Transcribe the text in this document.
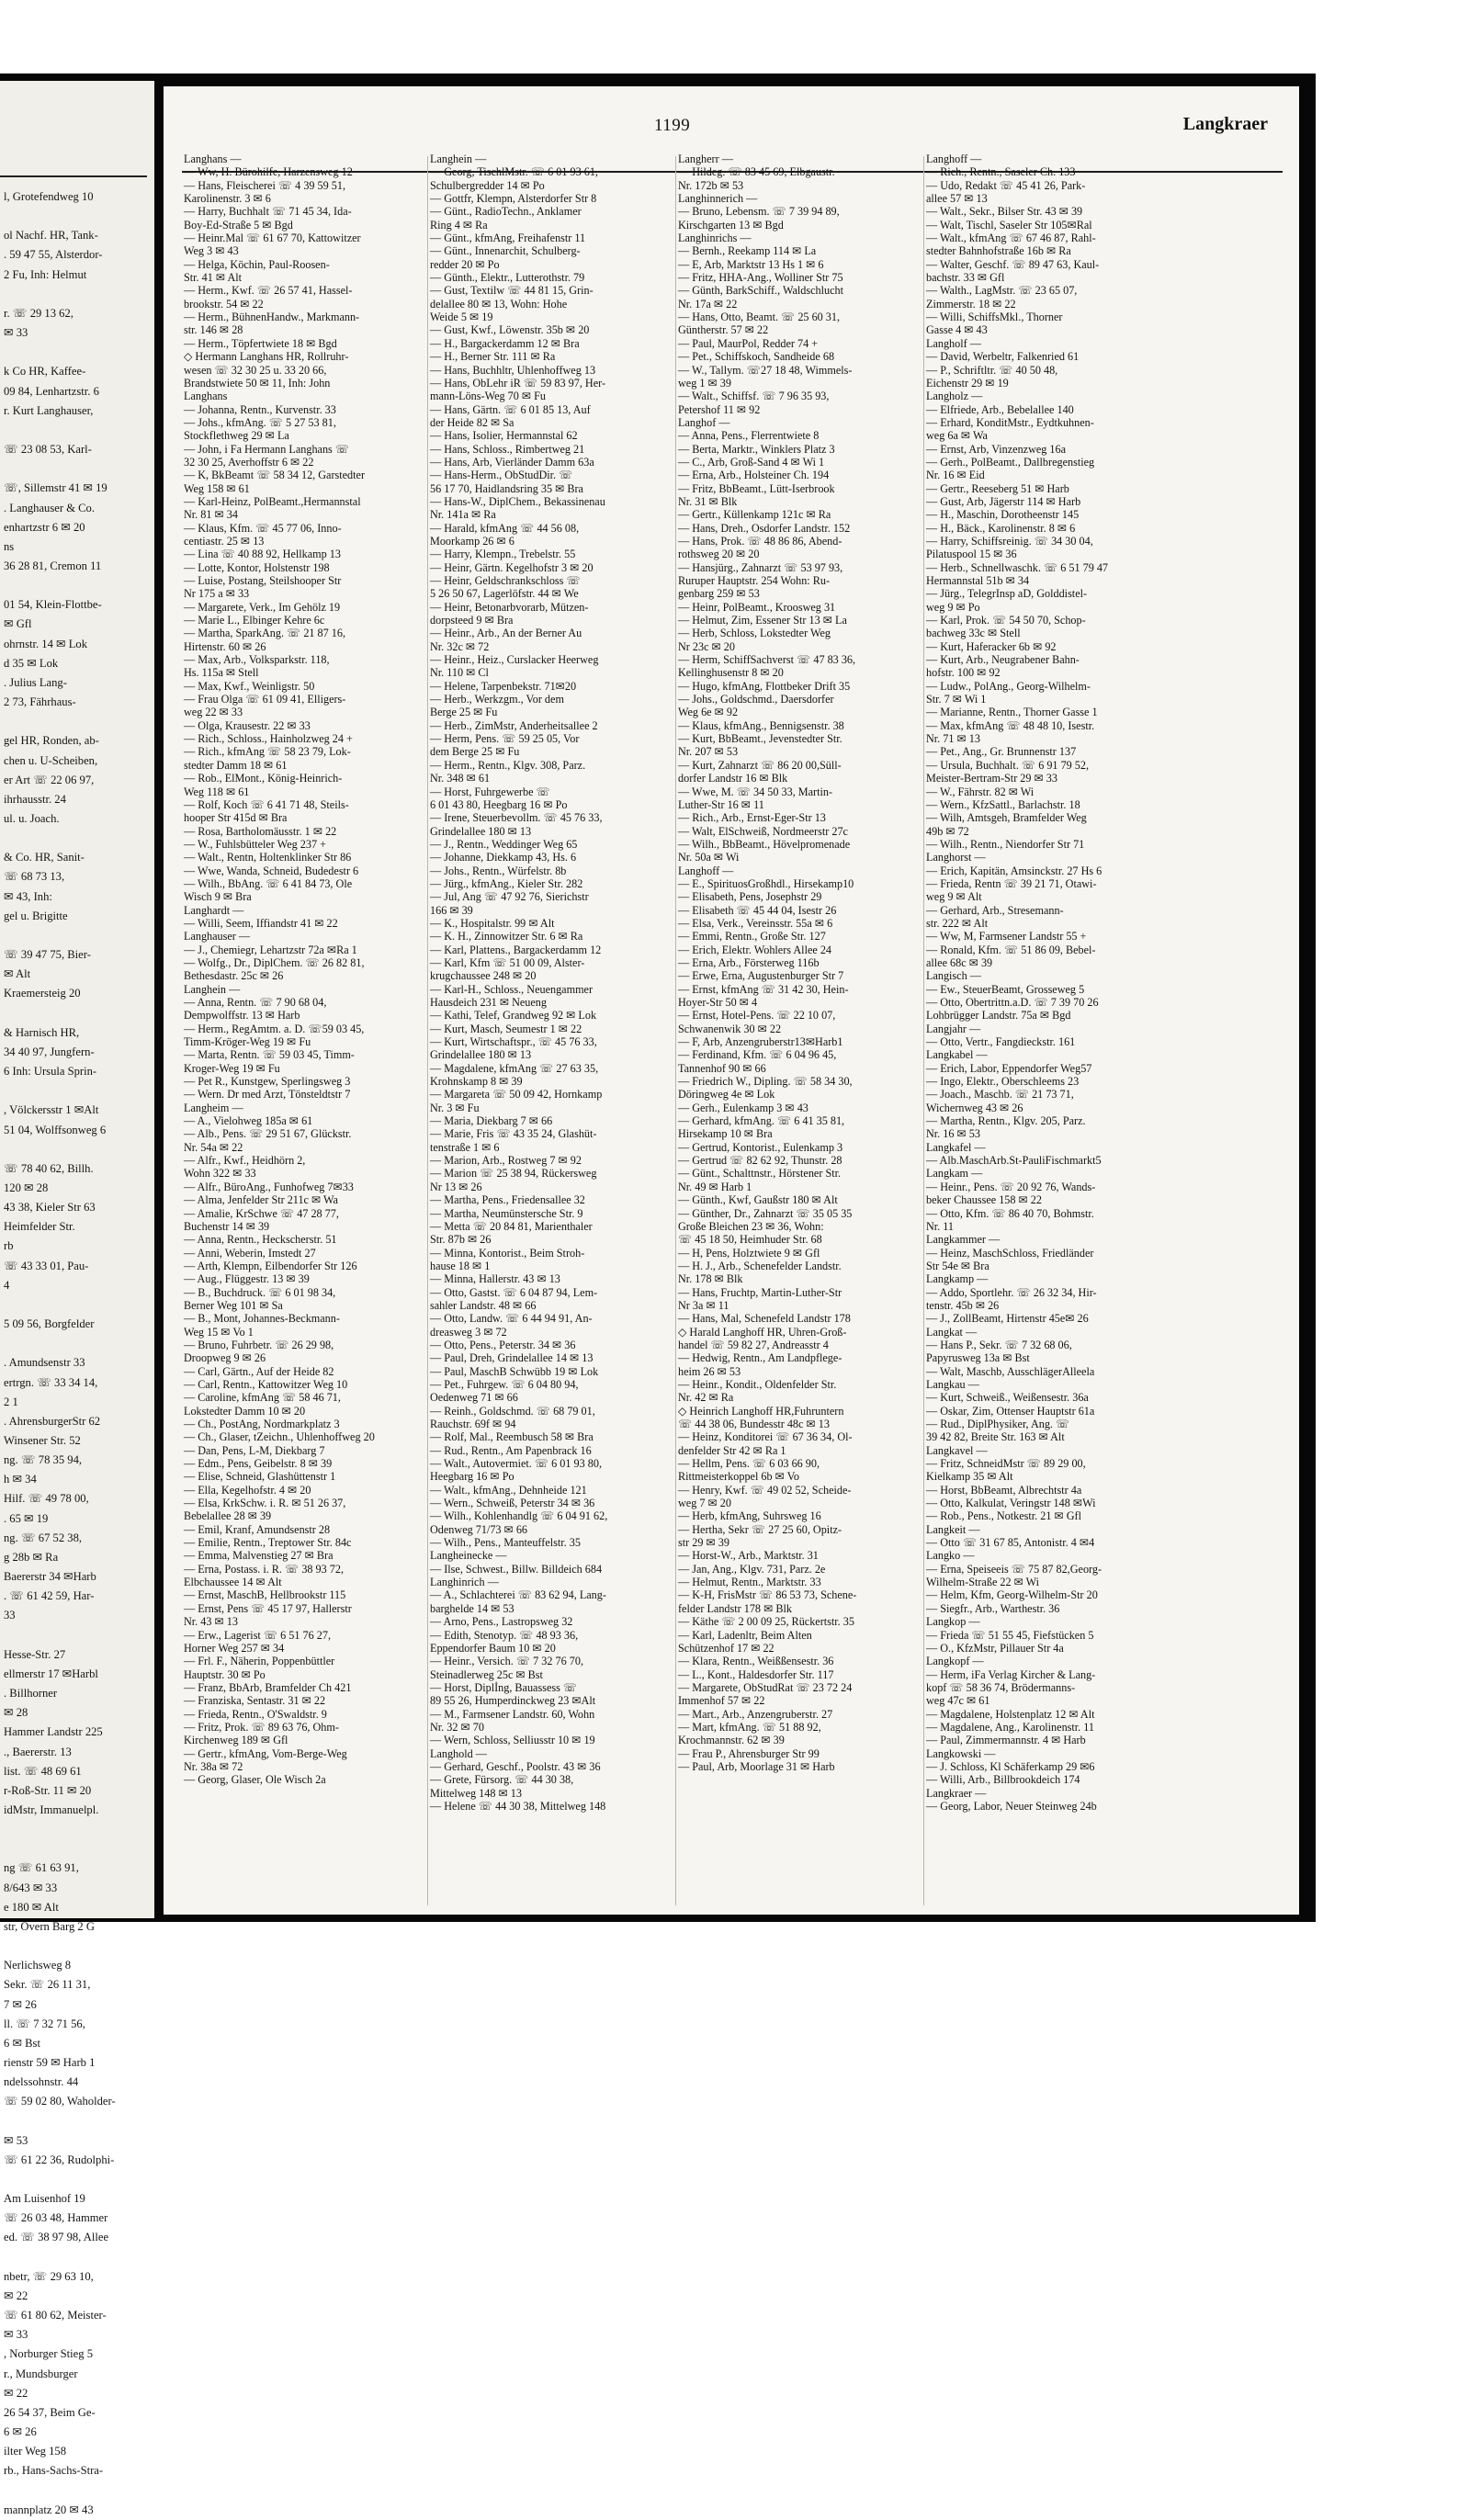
l, Grotefendweg 10

ol Nachf. HR, Tank-
. 59 47 55, Alsterdor-
2 Fu, Inh: Helmut

r. ☏ 29 13 62,
✉ 33

k Co HR, Kaffee-
09 84, Lenhartzstr. 6
r. Kurt Langhauser,

☏ 23 08 53, Karl-

☏, Sillemstr 41 ✉ 19
. Langhauser & Co.
enhartzstr 6 ✉ 20
ns
36 28 81, Cremon 11

01 54, Klein-Flottbe-
✉ Gfl
ohrnstr. 14 ✉ Lok
d 35 ✉ Lok
. Julius Lang-
2 73, Fährhaus-

gel HR, Ronden, ab-
chen u. U-Scheiben,
er Art ☏ 22 06 97,
ihrhausstr. 24
ul. u. Joach.

& Co. HR, Sanit-
☏ 68 73 13,
✉ 43, Inh:
gel u. Brigitte

☏ 39 47 75, Bier-
✉ Alt
Kraemersteig 20

& Harnisch HR,
34 40 97, Jungfern-
6 Inh: Ursula Sprin-

, Völckersstr 1 ✉Alt
51 04, Wolffsonweg 6

☏ 78 40 62, Billh.
120 ✉ 28
43 38, Kieler Str 63
Heimfelder Str.
rb
☏ 43 33 01, Pau-
4

5 09 56, Borgfelder

. Amundsenstr 33
ertrgn. ☏ 33 34 14,
2 1
. AhrensburgerStr 62
Winsener Str. 52
ng. ☏ 78 35 94,
h ✉ 34
Hilf. ☏ 49 78 00,
. 65 ✉ 19
ng. ☏ 67 52 38,
g 28b ✉ Ra
Baererstr 34 ✉Harb
. ☏ 61 42 59, Har-
33

Hesse-Str. 27
ellmerstr 17 ✉Harbl
. Billhorner
✉ 28
Hammer Landstr 225
., Baererstr. 13
list. ☏ 48 69 61
r-Roß-Str. 11 ✉ 20
idMstr, Immanuelpl.

ng ☏ 61 63 91,
8/643 ✉ 33
e 180 ✉ Alt
str, Övern Barg 2 G

Nerlichsweg 8
Sekr. ☏ 26 11 31,
7 ✉ 26
ll. ☏ 7 32 71 56,
6 ✉ Bst
rienstr 59 ✉ Harb 1
ndelssohnstr. 44
☏ 59 02 80, Waholder-

✉ 53
☏ 61 22 36, Rudolphi-

Am Luisenhof 19
☏ 26 03 48, Hammer
ed. ☏ 38 97 98, Allee

nbetr, ☏ 29 63 10,
✉ 22
☏ 61 80 62, Meister-
✉ 33
, Norburger Stieg 5
r., Mundsburger
✉ 22
26 54 37, Beim Ge-
6 ✉ 26
ilter Weg 158
rb., Hans-Sachs-Stra-

mannplatz 20 ✉ 43
1199	Langkraer
Langhans —
— Ww, H. Bürohilfe, Harzensweg 12
— Hans, Fleischerei ☏ 4 39 59 51,
Karolinenstr. 3 ✉ 6
— Harry, Buchhalt ☏ 71 45 34, Ida-
Boy-Ed-Straße 5 ✉ Bgd
— Heinr.Mal ☏ 61 67 70, Kattowitzer
Weg 3 ✉ 43
— Helga, Köchin, Paul-Roosen-
Str. 41 ✉ Alt
— Herm., Kwf. ☏ 26 57 41, Hassel-
brookstr. 54 ✉ 22
— Herm., BühnenHandw., Markmann-
str. 146 ✉ 28
— Herm., Töpfertwiete 18 ✉ Bgd
◇ Hermann Langhans HR, Rollruhr-
wesen ☏ 32 30 25 u. 33 20 66,
Brandstwiete 50 ✉ 11, Inh: John
Langhans
— Johanna, Rentn., Kurvenstr. 33
— Johs., kfmAng. ☏ 5 27 53 81,
Stockflethweg 29 ✉ La
— John, i Fa Hermann Langhans ☏
32 30 25, Averhoffstr 6 ✉ 22
— K, BkBeamt ☏ 58 34 12, Garstedter
Weg 158 ✉ 61
— Karl-Heinz, PolBeamt.,Hermannstal
Nr. 81 ✉ 34
— Klaus, Kfm. ☏ 45 77 06, Inno-
centiastr. 25 ✉ 13
— Lina ☏ 40 88 92, Hellkamp 13
— Lotte, Kontor, Holstenstr 198
— Luise, Postang, Steilshooper Str
Nr 175 a ✉ 33
— Margarete, Verk., Im Gehölz 19
— Marie L., Elbinger Kehre 6c
— Martha, SparkAng. ☏ 21 87 16,
Hirtenstr. 60 ✉ 26
— Max, Arb., Volksparkstr. 118,
Hs. 115a ✉ Stell
— Max, Kwf., Weinligstr. 50
— Frau Olga ☏ 61 09 41, Elligers-
weg 22 ✉ 33
— Olga, Krausestr. 22 ✉ 33
— Rich., Schloss., Hainholzweg 24 +
— Rich., kfmAng ☏ 58 23 79, Lok-
stedter Damm 18 ✉ 61
— Rob., ElMont., König-Heinrich-
Weg 118 ✉ 61
— Rolf, Koch ☏ 6 41 71 48, Steils-
hooper Str 415d ✉ Bra
— Rosa, Bartholomäusstr. 1 ✉ 22
— W., Fuhlsbütteler Weg 237 +
— Walt., Rentn, Holtenklinker Str 86
— Wwe, Wanda, Schneid, Budedestr 6
— Wilh., BbAng. ☏ 6 41 84 73, Ole
Wisch 9 ✉ Bra
Langhardt —
— Willi, Seem, Iffiandstr 41 ✉ 22
Langhauser —
— J., Chemiegr, Lehartzstr 72a ✉Ra 1
— Wolfg., Dr., DiplChem. ☏ 26 82 81,
Bethesdastr. 25c ✉ 26
Langhein —
— Anna, Rentn. ☏ 7 90 68 04,
Dempwolffstr. 13 ✉ Harb
— Herm., RegAmtm. a. D. ☏59 03 45,
Timm-Kröger-Weg 19 ✉ Fu
— Marta, Rentn. ☏ 59 03 45, Timm-
Kroger-Weg 19 ✉ Fu
— Pet R., Kunstgew, Sperlingsweg 3
— Wern. Dr med Arzt, Tönsteldtstr 7
Langheim —
— A., Vielohweg 185a ✉ 61
— Alb., Pens. ☏ 29 51 67, Glückstr.
Nr. 54a ✉ 22
— Alfr., Kwf., Heidhörn 2,
Wohn 322 ✉ 33
— Alfr., BüroAng., Funhofweg 7✉33
— Alma, Jenfelder Str 211c ✉ Wa
— Amalie, KrSchwe ☏ 47 28 77,
Buchenstr 14 ✉ 39
— Anna, Rentn., Heckscherstr. 51
— Anni, Weberin, Imstedt 27
— Arth, Klempn, Eilbendorfer Str 126
— Aug., Flüggestr. 13 ✉ 39
— B., Buchdruck. ☏ 6 01 98 34,
Berner Weg 101 ✉ Sa
— B., Mont, Johannes-Beckmann-
Weg 15 ✉ Vo 1
— Bruno, Fuhrbetr. ☏ 26 29 98,
Droopweg 9 ✉ 26
— Carl, Gärtn., Auf der Heide 82
— Carl, Rentn., Kattowitzer Weg 10
— Caroline, kfmAng ☏ 58 46 71,
Lokstedter Damm 10 ✉ 20
— Ch., PostAng, Nordmarkplatz 3
— Ch., Glaser, tZeichn., Uhlenhoffweg 20
— Dan, Pens, L-M, Diekbarg 7
— Edm., Pens, Geibelstr. 8 ✉ 39
— Elise, Schneid, Glashüttenstr 1
— Ella, Kegelhofstr. 4 ✉ 20
— Elsa, KrkSchw. i. R. ✉ 51 26 37,
Bebelallee 28 ✉ 39
— Emil, Kranf, Amundsenstr 28
— Emilie, Rentn., Treptower Str. 84c
— Emma, Malvenstieg 27 ✉ Bra
— Erna, Postass. i. R. ☏ 38 93 72,
Elbchaussee 14 ✉ Alt
— Ernst, MaschB, Hellbrookstr 115
— Ernst, Pens ☏ 45 17 97, Hallerstr
Nr. 43 ✉ 13
— Erw., Lagerist ☏ 6 51 76 27,
Horner Weg 257 ✉ 34
— Frl. F., Näherin, Poppenbüttler
Hauptstr. 30 ✉ Po
— Franz, BbArb, Bramfelder Ch 421
— Franziska, Sentastr. 31 ✉ 22
— Frieda, Rentn., O'Swaldstr. 9
— Fritz, Prok. ☏ 89 63 76, Ohm-
Kirchenweg 189 ✉ Gfl
— Gertr., kfmAng, Vom-Berge-Weg
Nr. 38a ✉ 72
— Georg, Glaser, Ole Wisch 2a
Langhein —
— Georg, TischlMstr. ☏ 6 01 93 61,
Schulbergredder 14 ✉ Po
— Gottfr, Klempn, Alsterdorfer Str 8
— Günt., RadioTechn., Anklamer
Ring 4 ✉ Ra
— Günt., kfmAng, Freihafenstr 11
— Günt., Innenarchit, Schulberg-
redder 20 ✉ Po
— Günth., Elektr., Lutterothstr. 79
— Gust, Textilw ☏ 44 81 15, Grin-
delallee 80 ✉ 13, Wohn: Hohe
Weide 5 ✉ 19
— Gust, Kwf., Löwenstr. 35b ✉ 20
— H., Bargackerdamm 12 ✉ Bra
— H., Berner Str. 111 ✉ Ra
— Hans, Buchhltr, Uhlenhoffweg 13
— Hans, ObLehr iR ☏ 59 83 97, Her-
mann-Löns-Weg 70 ✉ Fu
— Hans, Gärtn. ☏ 6 01 85 13, Auf
der Heide 82 ✉ Sa
— Hans, Isolier, Hermannstal 62
— Hans, Schloss., Rimbertweg 21
— Hans, Arb, Vierländer Damm 63a
— Hans-Herm., ObStudDir. ☏
56 17 70, Haidlandsring 35 ✉ Bra
— Hans-W., DiplChem., Bekassinenau
Nr. 141a ✉ Ra
— Harald, kfmAng ☏ 44 56 08,
Moorkamp 26 ✉ 6
— Harry, Klempn., Trebelstr. 55
— Heinr, Gärtn. Kegelhofstr 3 ✉ 20
— Heinr, Geldschrankschloss ☏
5 26 50 67, Lagerlöfstr. 44 ✉ We
— Heinr, Betonarbvorarb, Mützen-
dorpsteed 9 ✉ Bra
— Heinr., Arb., An der Berner Au
Nr. 32c ✉ 72
— Heinr., Heiz., Curslacker Heerweg
Nr. 110 ✉ Cl
— Helene, Tarpenbekstr. 71✉20
— Herb., Werkzgm., Vor dem
Berge 25 ✉ Fu
— Herb., ZimMstr, Anderheitsallee 2
— Herm, Pens. ☏ 59 25 05, Vor
dem Berge 25 ✉ Fu
— Herm., Rentn., Klgv. 308, Parz.
Nr. 348 ✉ 61
— Horst, Fuhrgewerbe ☏
6 01 43 80, Heegbarg 16 ✉ Po
— Irene, Steuerbevollm. ☏ 45 76 33,
Grindelallee 180 ✉ 13
— J., Rentn., Weddinger Weg 65
— Johanne, Diekkamp 43, Hs. 6
— Johs., Rentn., Würfelstr. 8b
— Jürg., kfmAng., Kieler Str. 282
— Jul, Ang ☏ 47 92 76, Sierichstr
166 ✉ 39
— K., Hospitalstr. 99 ✉ Alt
— K. H., Zinnowitzer Str. 6 ✉ Ra
— Karl, Plattens., Bargackerdamm 12
— Karl, Kfm ☏ 51 00 09, Alster-
krugchaussee 248 ✉ 20
— Karl-H., Schloss., Neuengammer
Hausdeich 231 ✉ Neueng
— Kathi, Telef, Grandweg 92 ✉ Lok
— Kurt, Masch, Seumestr 1 ✉ 22
— Kurt, Wirtschaftspr., ☏ 45 76 33,
Grindelallee 180 ✉ 13
— Magdalene, kfmAng ☏ 27 63 35,
Krohnskamp 8 ✉ 39
— Margareta ☏ 50 09 42, Hornkamp
Nr. 3 ✉ Fu
— Maria, Diekbarg 7 ✉ 66
— Marie, Fris ☏ 43 35 24, Glashüt-
tenstraße 1 ✉ 6
— Marion, Arb., Rostweg 7 ✉ 92
— Marion ☏ 25 38 94, Rückersweg
Nr 13 ✉ 26
— Martha, Pens., Friedensallee 32
— Martha, Neumünstersche Str. 9
— Metta ☏ 20 84 81, Marienthaler
Str. 87b ✉ 26
— Minna, Kontorist., Beim Stroh-
hause 18 ✉ 1
— Minna, Hallerstr. 43 ✉ 13
— Otto, Gastst. ☏ 6 04 87 94, Lem-
sahler Landstr. 48 ✉ 66
— Otto, Landw. ☏ 6 44 94 91, An-
dreasweg 3 ✉ 72
— Otto, Pens., Peterstr. 34 ✉ 36
— Paul, Dreh, Grindelallee 14 ✉ 13
— Paul, MaschB Schwübb 19 ✉ Lok
— Pet., Fuhrgew. ☏ 6 04 80 94,
Oedenweg 71 ✉ 66
— Reinh., Goldschmd. ☏ 68 79 01,
Rauchstr. 69f ✉ 94
— Rolf, Mal., Reembusch 58 ✉ Bra
— Rud., Rentn., Am Papenbrack 16
— Walt., Autovermiet. ☏ 6 01 93 80,
Heegbarg 16 ✉ Po
— Walt., kfmAng., Dehnheide 121
— Wern., Schweiß, Peterstr 34 ✉ 36
— Wilh., Kohlenhandlg ☏ 6 04 91 62,
Odenweg 71/73 ✉ 66
— Wilh., Pens., Manteuffelstr. 35
Langheinecke —
— Ilse, Schwest., Billw. Billdeich 684
Langhinrich —
— A., Schlachterei ☏ 83 62 94, Lang-
barghelde 14 ✉ 53
— Arno, Pens., Lastropsweg 32
— Edith, Stenotyp. ☏ 48 93 36,
Eppendorfer Baum 10 ✉ 20
— Heinr., Versich. ☏ 7 32 76 70,
Steinadlerweg 25c ✉ Bst
— Horst, Diplİng, Bauassess ☏
89 55 26, Humperdinckweg 23 ✉Alt
— M., Farmsener Landstr. 60, Wohn
Nr. 32 ✉ 70
— Wern, Schloss, Selliusstr 10 ✉ 19
Langhold —
— Gerhard, Geschf., Poolstr. 43 ✉ 36
— Grete, Fürsorg. ☏ 44 30 38,
Mittelweg 148 ✉ 13
— Helene ☏ 44 30 38, Mittelweg 148
Langherr —
— Hildeg. ☏ 83 45 69, Elbgaustr.
Nr. 172b ✉ 53
Langhinnerich —
— Bruno, Lebensm. ☏ 7 39 94 89,
Kirschgarten 13 ✉ Bgd
Langhinrichs —
— Bernh., Reekamp 114 ✉ La
— E, Arb, Marktstr 13 Hs 1 ✉ 6
— Fritz, HHA-Ang., Wolliner Str 75
— Günth, BarkSchiff., Waldschlucht
Nr. 17a ✉ 22
— Hans, Otto, Beamt. ☏ 25 60 31,
Güntherstr. 57 ✉ 22
— Paul, MaurPol, Redder 74 +
— Pet., Schiffskoch, Sandheide 68
— W., Tallym. ☏27 18 48, Wimmels-
weg 1 ✉ 39
— Walt., Schiffsf. ☏ 7 96 35 93,
Petershof 11 ✉ 92
Langhof —
— Anna, Pens., Flerrentwiete 8
— Berta, Marktr., Winklers Platz 3
— C., Arb, Groß-Sand 4 ✉ Wi 1
— Erna, Arb., Holsteiner Ch. 194
— Fritz, BbBeamt., Lütt-Iserbrook
Nr. 31 ✉ Blk
— Gertr., Küllenkamp 121c ✉ Ra
— Hans, Dreh., Osdorfer Landstr. 152
— Hans, Prok. ☏ 48 86 86, Abend-
rothsweg 20 ✉ 20
— Hansjürg., Zahnarzt ☏ 53 97 93,
Ruruper Hauptstr. 254 Wohn: Ru-
genbarg 259 ✉ 53
— Heinr, PolBeamt., Kroosweg 31
— Helmut, Zim, Essener Str 13 ✉ La
— Herb, Schloss, Lokstedter Weg
Nr 23c ✉ 20
— Herm, SchiffSachverst ☏ 47 83 36,
Kellinghusenstr 8 ✉ 20
— Hugo, kfmAng, Flottbeker Drift 35
— Johs., Goldschmd., Daersdorfer
Weg 6e ✉ 92
— Klaus, kfmAng., Bennigsenstr. 38
— Kurt, BbBeamt., Jevenstedter Str.
Nr. 207 ✉ 53
— Kurt, Zahnarzt ☏ 86 20 00,Süll-
dorfer Landstr 16 ✉ Blk
— Wwe, M. ☏ 34 50 33, Martin-
Luther-Str 16 ✉ 11
— Rich., Arb., Ernst-Eger-Str 13
— Walt, ElSchweiß, Nordmeerstr 27c
— Wilh., BbBeamt., Hövelpromenade
Nr. 50a ✉ Wi
Langhoff —
— E., SpirituosGroßhdl., Hirsekamp10
— Elisabeth, Pens, Josephstr 29
— Elisabeth ☏ 45 44 04, Isestr 26
— Elsa, Verk., Vereinsstr. 55a ✉ 6
— Emmi, Rentn., Große Str. 127
— Erich, Elektr. Wohlers Allee 24
— Erna, Arb., Försterweg 116b
— Erwe, Erna, Augustenburger Str 7
— Ernst, kfmAng ☏ 31 42 30, Hein-
Hoyer-Str 50 ✉ 4
— Ernst, Hotel-Pens. ☏ 22 10 07,
Schwanenwik 30 ✉ 22
— F, Arb, Anzengruberstr13✉Harb1
— Ferdinand, Kfm. ☏ 6 04 96 45,
Tannenhof 90 ✉ 66
— Friedrich W., Dipling. ☏ 58 34 30,
Döringweg 4e ✉ Lok
— Gerh., Eulenkamp 3 ✉ 43
— Gerhard, kfmAng. ☏ 6 41 35 81,
Hirsekamp 10 ✉ Bra
— Gertrud, Kontorist., Eulenkamp 3
— Gertrud ☏ 82 62 92, Thunstr. 28
— Günt., Schalttnstr., Hörstener Str.
Nr. 49 ✉ Harb 1
— Günth., Kwf, Gaußstr 180 ✉ Alt
— Günther, Dr., Zahnarzt ☏ 35 05 35
Große Bleichen 23 ✉ 36, Wohn:
☏ 45 18 50, Heimhuder Str. 68
— H, Pens, Holztwiete 9 ✉ Gfl
— H. J., Arb., Schenefelder Landstr.
Nr. 178 ✉ Blk
— Hans, Fruchtp, Martin-Luther-Str
Nr 3a ✉ 11
— Hans, Mal, Schenefeld Landstr 178
◇ Harald Langhoff HR, Uhren-Groß-
handel ☏ 59 82 27, Andreasstr 4
— Hedwig, Rentn., Am Landpflege-
heim 26 ✉ 53
— Heinr., Kondit., Oldenfelder Str.
Nr. 42 ✉ Ra
◇ Heinrich Langhoff HR,Fuhruntern
☏ 44 38 06, Bundesstr 48c ✉ 13
— Heinz, Konditorei ☏ 67 36 34, Ol-
denfelder Str 42 ✉ Ra 1
— Hellm, Pens. ☏ 6 03 66 90,
Rittmeisterkoppel 6b ✉ Vo
— Henry, Kwf. ☏ 49 02 52, Scheide-
weg 7 ✉ 20
— Herb, kfmAng, Suhrsweg 16
— Hertha, Sekr ☏ 27 25 60, Opitz-
str 29 ✉ 39
— Horst-W., Arb., Marktstr. 31
— Jan, Ang., Klgv. 731, Parz. 2e
— Helmut, Rentn., Marktstr. 33
— K-H, FrisMstr ☏ 86 53 73, Schene-
felder Landstr 178 ✉ Blk
— Käthe ☏ 2 00 09 25, Rückertstr. 35
— Karl, Ladenltr, Beim Alten
Schützenhof 17 ✉ 22
— Klara, Rentn., Weißßensestr. 36
— L., Kont., Haldesdorfer Str. 117
— Margarete, ObStudRat ☏ 23 72 24
Immenhof 57 ✉ 22
— Mart., Arb., Anzengruberstr. 27
— Mart, kfmAng. ☏ 51 88 92,
Krochmannstr. 62 ✉ 39
— Frau P., Ahrensburger Str 99
— Paul, Arb, Moorlage 31 ✉ Harb
Langhoff —
— Rich., Rentn., Saseler Ch. 133
— Udo, Redakt ☏ 45 41 26, Park-
allee 57 ✉ 13
— Walt., Sekr., Bilser Str. 43 ✉ 39
— Walt, Tischl, Saseler Str 105✉Ral
— Walt., kfmAng ☏ 67 46 87, Rahl-
stedter Bahnhofstraße 16b ✉ Ra
— Walter, Geschf. ☏ 89 47 63, Kaul-
bachstr. 33 ✉ Gfl
— Walth., LagMstr. ☏ 23 65 07,
Zimmerstr. 18 ✉ 22
— Willi, SchiffsMkl., Thorner
Gasse 4 ✉ 43
Langholf —
— David, Werbeltr, Falkenried 61
— P., Schriftltr. ☏ 40 50 48,
Eichenstr 29 ✉ 19
Langholz —
— Elfriede, Arb., Bebelallee 140
— Erhard, KonditMstr., Eydtkuhnen-
weg 6a ✉ Wa
— Ernst, Arb, Vinzenzweg 16a
— Gerh., PolBeamt., Dallbregenstieg
Nr. 16 ✉ Eid
— Gertr., Reeseberg 51 ✉ Harb
— Gust, Arb, Jägerstr 114 ✉ Harb
— H., Maschin, Dorotheenstr 145
— H., Bäck., Karolinenstr. 8 ✉ 6
— Harry, Schiffsreinig. ☏ 34 30 04,
Pilatuspool 15 ✉ 36
— Herb., Schnellwaschk. ☏ 6 51 79 47
Hermannstal 51b ✉ 34
— Jürg., TelegrInsp aD, Golddistel-
weg 9 ✉ Po
— Karl, Prok. ☏ 54 50 70, Schop-
bachweg 33c ✉ Stell
— Kurt, Haferacker 6b ✉ 92
— Kurt, Arb., Neugrabener Bahn-
hofstr. 100 ✉ 92
— Ludw., PolAng., Georg-Wilhelm-
Str. 7 ✉ Wi 1
— Marianne, Rentn., Thorner Gasse 1
— Max, kfmAng ☏ 48 48 10, Isestr.
Nr. 71 ✉ 13
— Pet., Ang., Gr. Brunnenstr 137
— Ursula, Buchhalt. ☏ 6 91 79 52,
Meister-Bertram-Str 29 ✉ 33
— W., Fährstr. 82 ✉ Wi
— Wern., KfzSattl., Barlachstr. 18
— Wilh, Amtsgeh, Bramfelder Weg
49b ✉ 72
— Wilh., Rentn., Niendorfer Str 71
Langhorst —
— Erich, Kapitän, Amsinckstr. 27 Hs 6
— Frieda, Rentn ☏ 39 21 71, Otawi-
weg 9 ✉ Alt
— Gerhard, Arb., Stresemann-
str. 222 ✉ Alt
— Ww, M, Farmsener Landstr 55 +
— Ronald, Kfm. ☏ 51 86 09, Bebel-
allee 68c ✉ 39
Langisch —
— Ew., SteuerBeamt, Grosseweg 5
— Otto, Obertrittn.a.D. ☏ 7 39 70 26
Lohbrügger Landstr. 75a ✉ Bgd
Langjahr —
— Otto, Vertr., Fangdieckstr. 161
Langkabel —
— Erich, Labor, Eppendorfer Weg57
— Ingo, Elektr., Oberschleems 23
— Joach., Maschb. ☏ 21 73 71,
Wichernweg 43 ✉ 26
— Martha, Rentn., Klgv. 205, Parz.
Nr. 16 ✉ 53
Langkafel —
— Alb.MaschArb.St-PauliFischmarkt5
Langkam —
— Heinr., Pens. ☏ 20 92 76, Wands-
beker Chaussee 158 ✉ 22
— Otto, Kfm. ☏ 86 40 70, Bohmstr.
Nr. 11
Langkammer —
— Heinz, MaschSchloss, Friedländer
Str 54e ✉ Bra
Langkamp —
— Addo, Sportlehr. ☏ 26 32 34, Hir-
tenstr. 45b ✉ 26
— J., ZollBeamt, Hirtenstr 45e✉ 26
Langkat —
— Hans P., Sekr. ☏ 7 32 68 06,
Papyrusweg 13a ✉ Bst
— Walt, Maschb, AusschlägerAlleela
Langkau —
— Kurt, Schweiß., Weißensestr. 36a
— Oskar, Zim, Ottenser Hauptstr 61a
— Rud., DiplPhysiker, Ang. ☏
39 42 82, Breite Str. 163 ✉ Alt
Langkavel —
— Fritz, SchneidMstr ☏ 89 29 00,
Kielkamp 35 ✉ Alt
— Horst, BbBeamt, Albrechtstr 4a
— Otto, Kalkulat, Veringstr 148 ✉Wi
— Rob., Pens., Notkestr. 21 ✉ Gfl
Langkeit —
— Otto ☏ 31 67 85, Antonistr. 4 ✉4
Langko —
— Erna, Speiseeis ☏ 75 87 82,Georg-
Wilhelm-Straße 22 ✉ Wi
— Helm, Kfm, Georg-Wilhelm-Str 20
— Siegfr., Arb., Warthestr. 36
Langkop —
— Frieda ☏ 51 55 45, Fiefstücken 5
— O., KfzMstr, Pillauer Str 4a
Langkopf —
— Herm, iFa Verlag Kircher & Lang-
kopf ☏ 58 36 74, Brödermanns-
weg 47c ✉ 61
— Magdalene, Holstenplatz 12 ✉ Alt
— Magdalene, Ang., Karolinenstr. 11
— Paul, Zimmermannstr. 4 ✉ Harb
Langkowski —
— J. Schloss, Kl Schäferkamp 29 ✉6
— Willi, Arb., Billbrookdeich 174
Langkraer —
— Georg, Labor, Neuer Steinweg 24b
